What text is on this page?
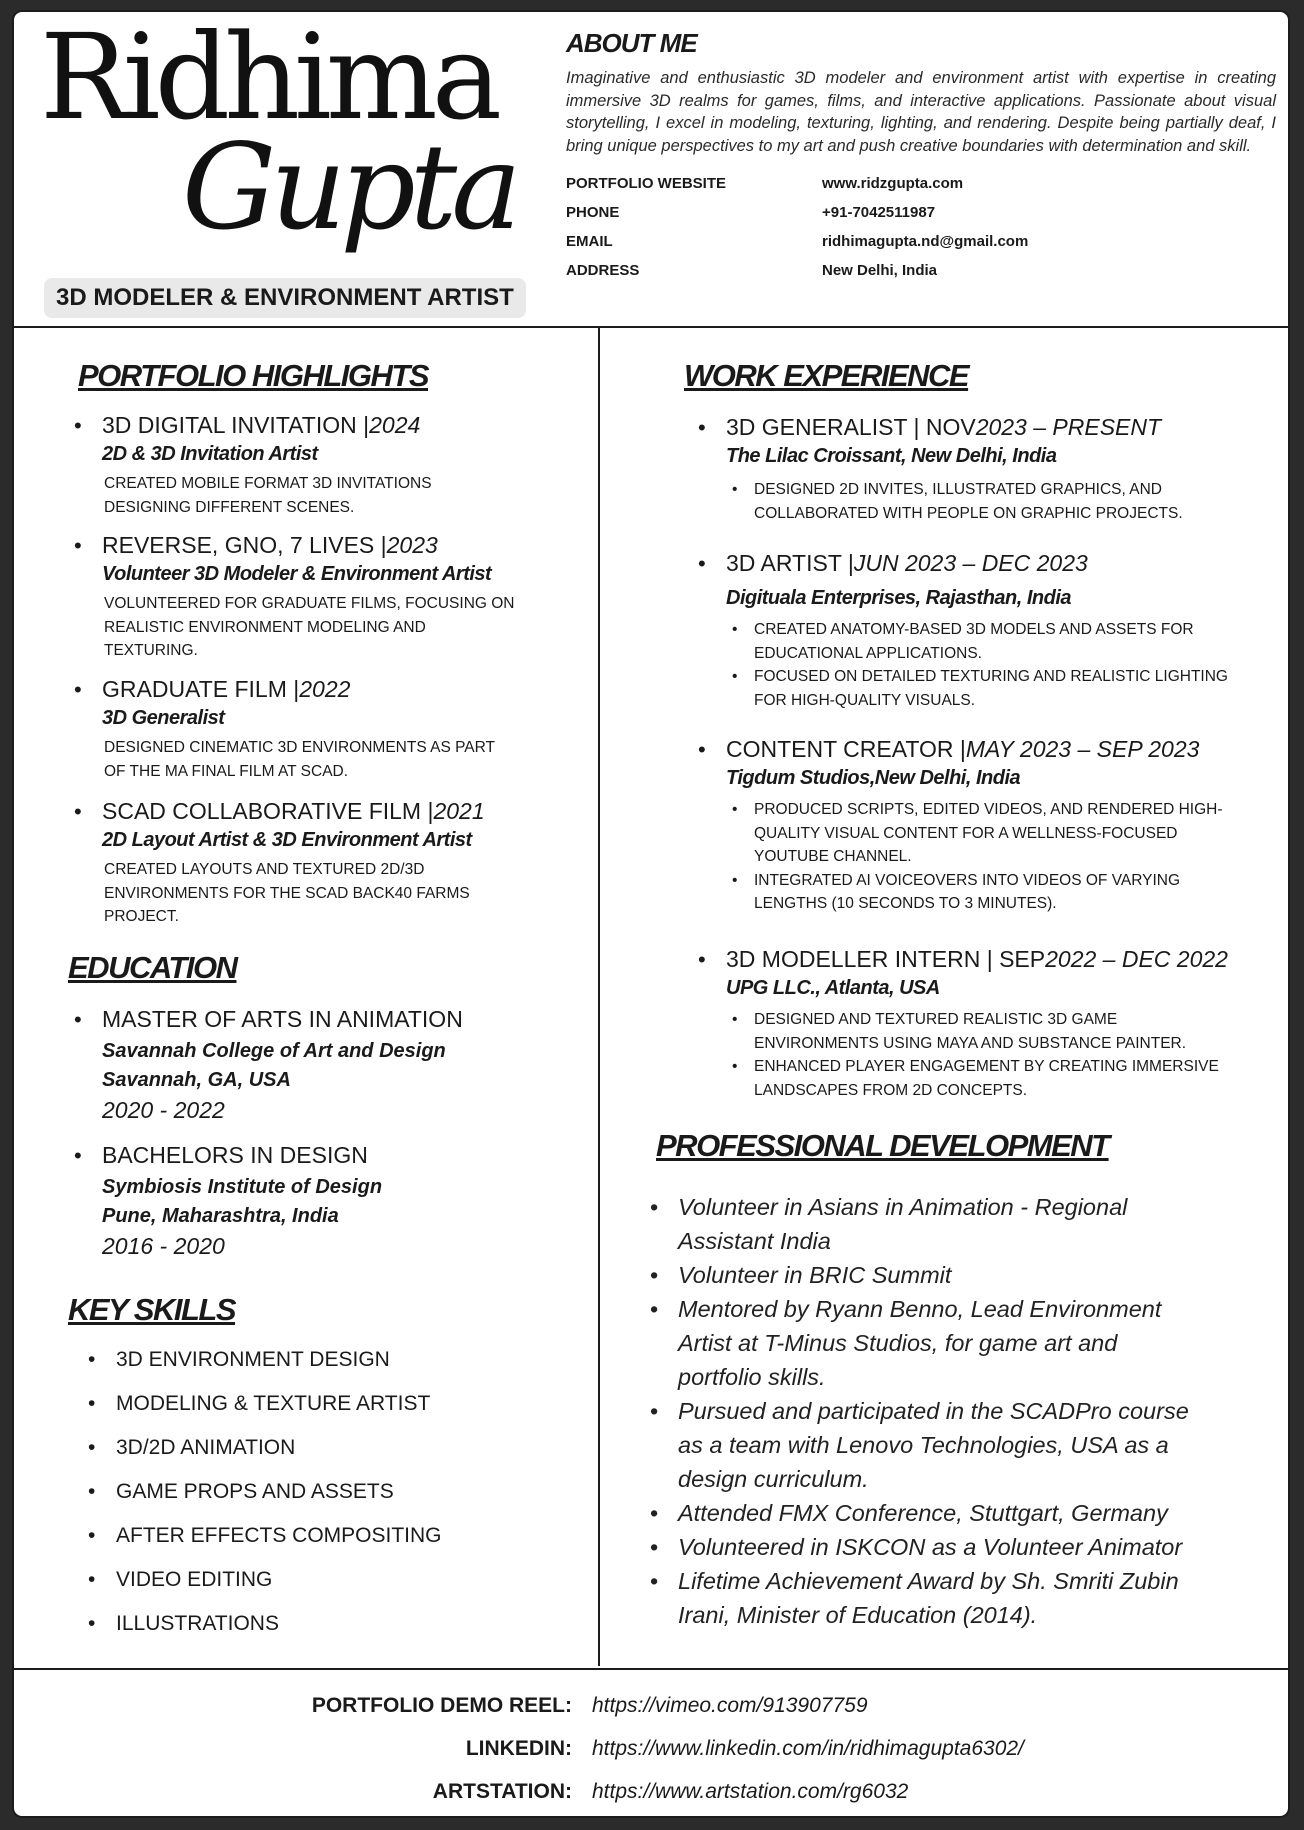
Ridhima
Gupta
3D MODELER & ENVIRONMENT ARTIST
ABOUT ME

Imaginative and enthusiastic 3D modeler and environment artist with expertise in creating immersive 3D realms for games, films, and interactive applications. Passionate about visual storytelling, I excel in modeling, texturing, lighting, and rendering. Despite being partially deaf, I bring unique perspectives to my art and push creative boundaries with determination and skill.

PORTFOLIO WEBSITE	www.ridzgupta.com
PHONE	+91-7042511987
EMAIL	ridhimagupta.nd@gmail.com
ADDRESS	New Delhi, India
PORTFOLIO HIGHLIGHTS
• 3D DIGITAL INVITATION | 2024
2D & 3D Invitation Artist
CREATED MOBILE FORMAT 3D INVITATIONS
DESIGNING DIFFERENT SCENES.
• REVERSE, GNO, 7 LIVES | 2023
Volunteer 3D Modeler & Environment Artist
VOLUNTEERED FOR GRADUATE FILMS, FOCUSING ON
REALISTIC ENVIRONMENT MODELING AND
TEXTURING.
• GRADUATE FILM | 2022
3D Generalist
DESIGNED CINEMATIC 3D ENVIRONMENTS AS PART
OF THE MA FINAL FILM AT SCAD.
• SCAD COLLABORATIVE FILM | 2021
2D Layout Artist & 3D Environment Artist
CREATED LAYOUTS AND TEXTURED 2D/3D
ENVIRONMENTS FOR THE SCAD BACK40 FARMS
PROJECT.
EDUCATION
• MASTER OF ARTS IN ANIMATION
Savannah College of Art and Design
Savannah, GA, USA
2020 - 2022
• BACHELORS IN DESIGN
Symbiosis Institute of Design
Pune, Maharashtra, India
2016 - 2020
KEY SKILLS
• 3D ENVIRONMENT DESIGN
• MODELING & TEXTURE ARTIST
• 3D/2D ANIMATION
• GAME PROPS AND ASSETS
• AFTER EFFECTS COMPOSITING
• VIDEO EDITING
• ILLUSTRATIONS
WORK EXPERIENCE
• 3D GENERALIST | NOV 2023 – PRESENT
The Lilac Croissant, New Delhi, India
• DESIGNED 2D INVITES, ILLUSTRATED GRAPHICS, AND
COLLABORATED WITH PEOPLE ON GRAPHIC PROJECTS.
• 3D ARTIST | JUN 2023 – DEC 2023
Digituala Enterprises, Rajasthan, India
• CREATED ANATOMY-BASED 3D MODELS AND ASSETS FOR
EDUCATIONAL APPLICATIONS.
• FOCUSED ON DETAILED TEXTURING AND REALISTIC LIGHTING
FOR HIGH-QUALITY VISUALS.
• CONTENT CREATOR | MAY 2023 – SEP 2023
Tigdum Studios,New Delhi, India
• PRODUCED SCRIPTS, EDITED VIDEOS, AND RENDERED HIGH-
QUALITY VISUAL CONTENT FOR A WELLNESS-FOCUSED
YOUTUBE CHANNEL.
• INTEGRATED AI VOICEOVERS INTO VIDEOS OF VARYING
LENGTHS (10 SECONDS TO 3 MINUTES).
• 3D MODELLER INTERN | SEP 2022 – DEC 2022
UPG LLC., Atlanta, USA
• DESIGNED AND TEXTURED REALISTIC 3D GAME
ENVIRONMENTS USING MAYA AND SUBSTANCE PAINTER.
• ENHANCED PLAYER ENGAGEMENT BY CREATING IMMERSIVE
LANDSCAPES FROM 2D CONCEPTS.
PROFESSIONAL DEVELOPMENT
• Volunteer in Asians in Animation - Regional
Assistant India
• Volunteer in BRIC Summit
• Mentored by Ryann Benno, Lead Environment
Artist at T-Minus Studios, for game art and
portfolio skills.
• Pursued and participated in the SCADPro course
as a team with Lenovo Technologies, USA as a
design curriculum.
• Attended FMX Conference, Stuttgart, Germany
• Volunteered in ISKCON as a Volunteer Animator
• Lifetime Achievement Award by Sh. Smriti Zubin
Irani, Minister of Education (2014).
PORTFOLIO DEMO REEL: https://vimeo.com/913907759
LINKEDIN: https://www.linkedin.com/in/ridhimagupta6302/
ARTSTATION: https://www.artstation.com/rg6032
